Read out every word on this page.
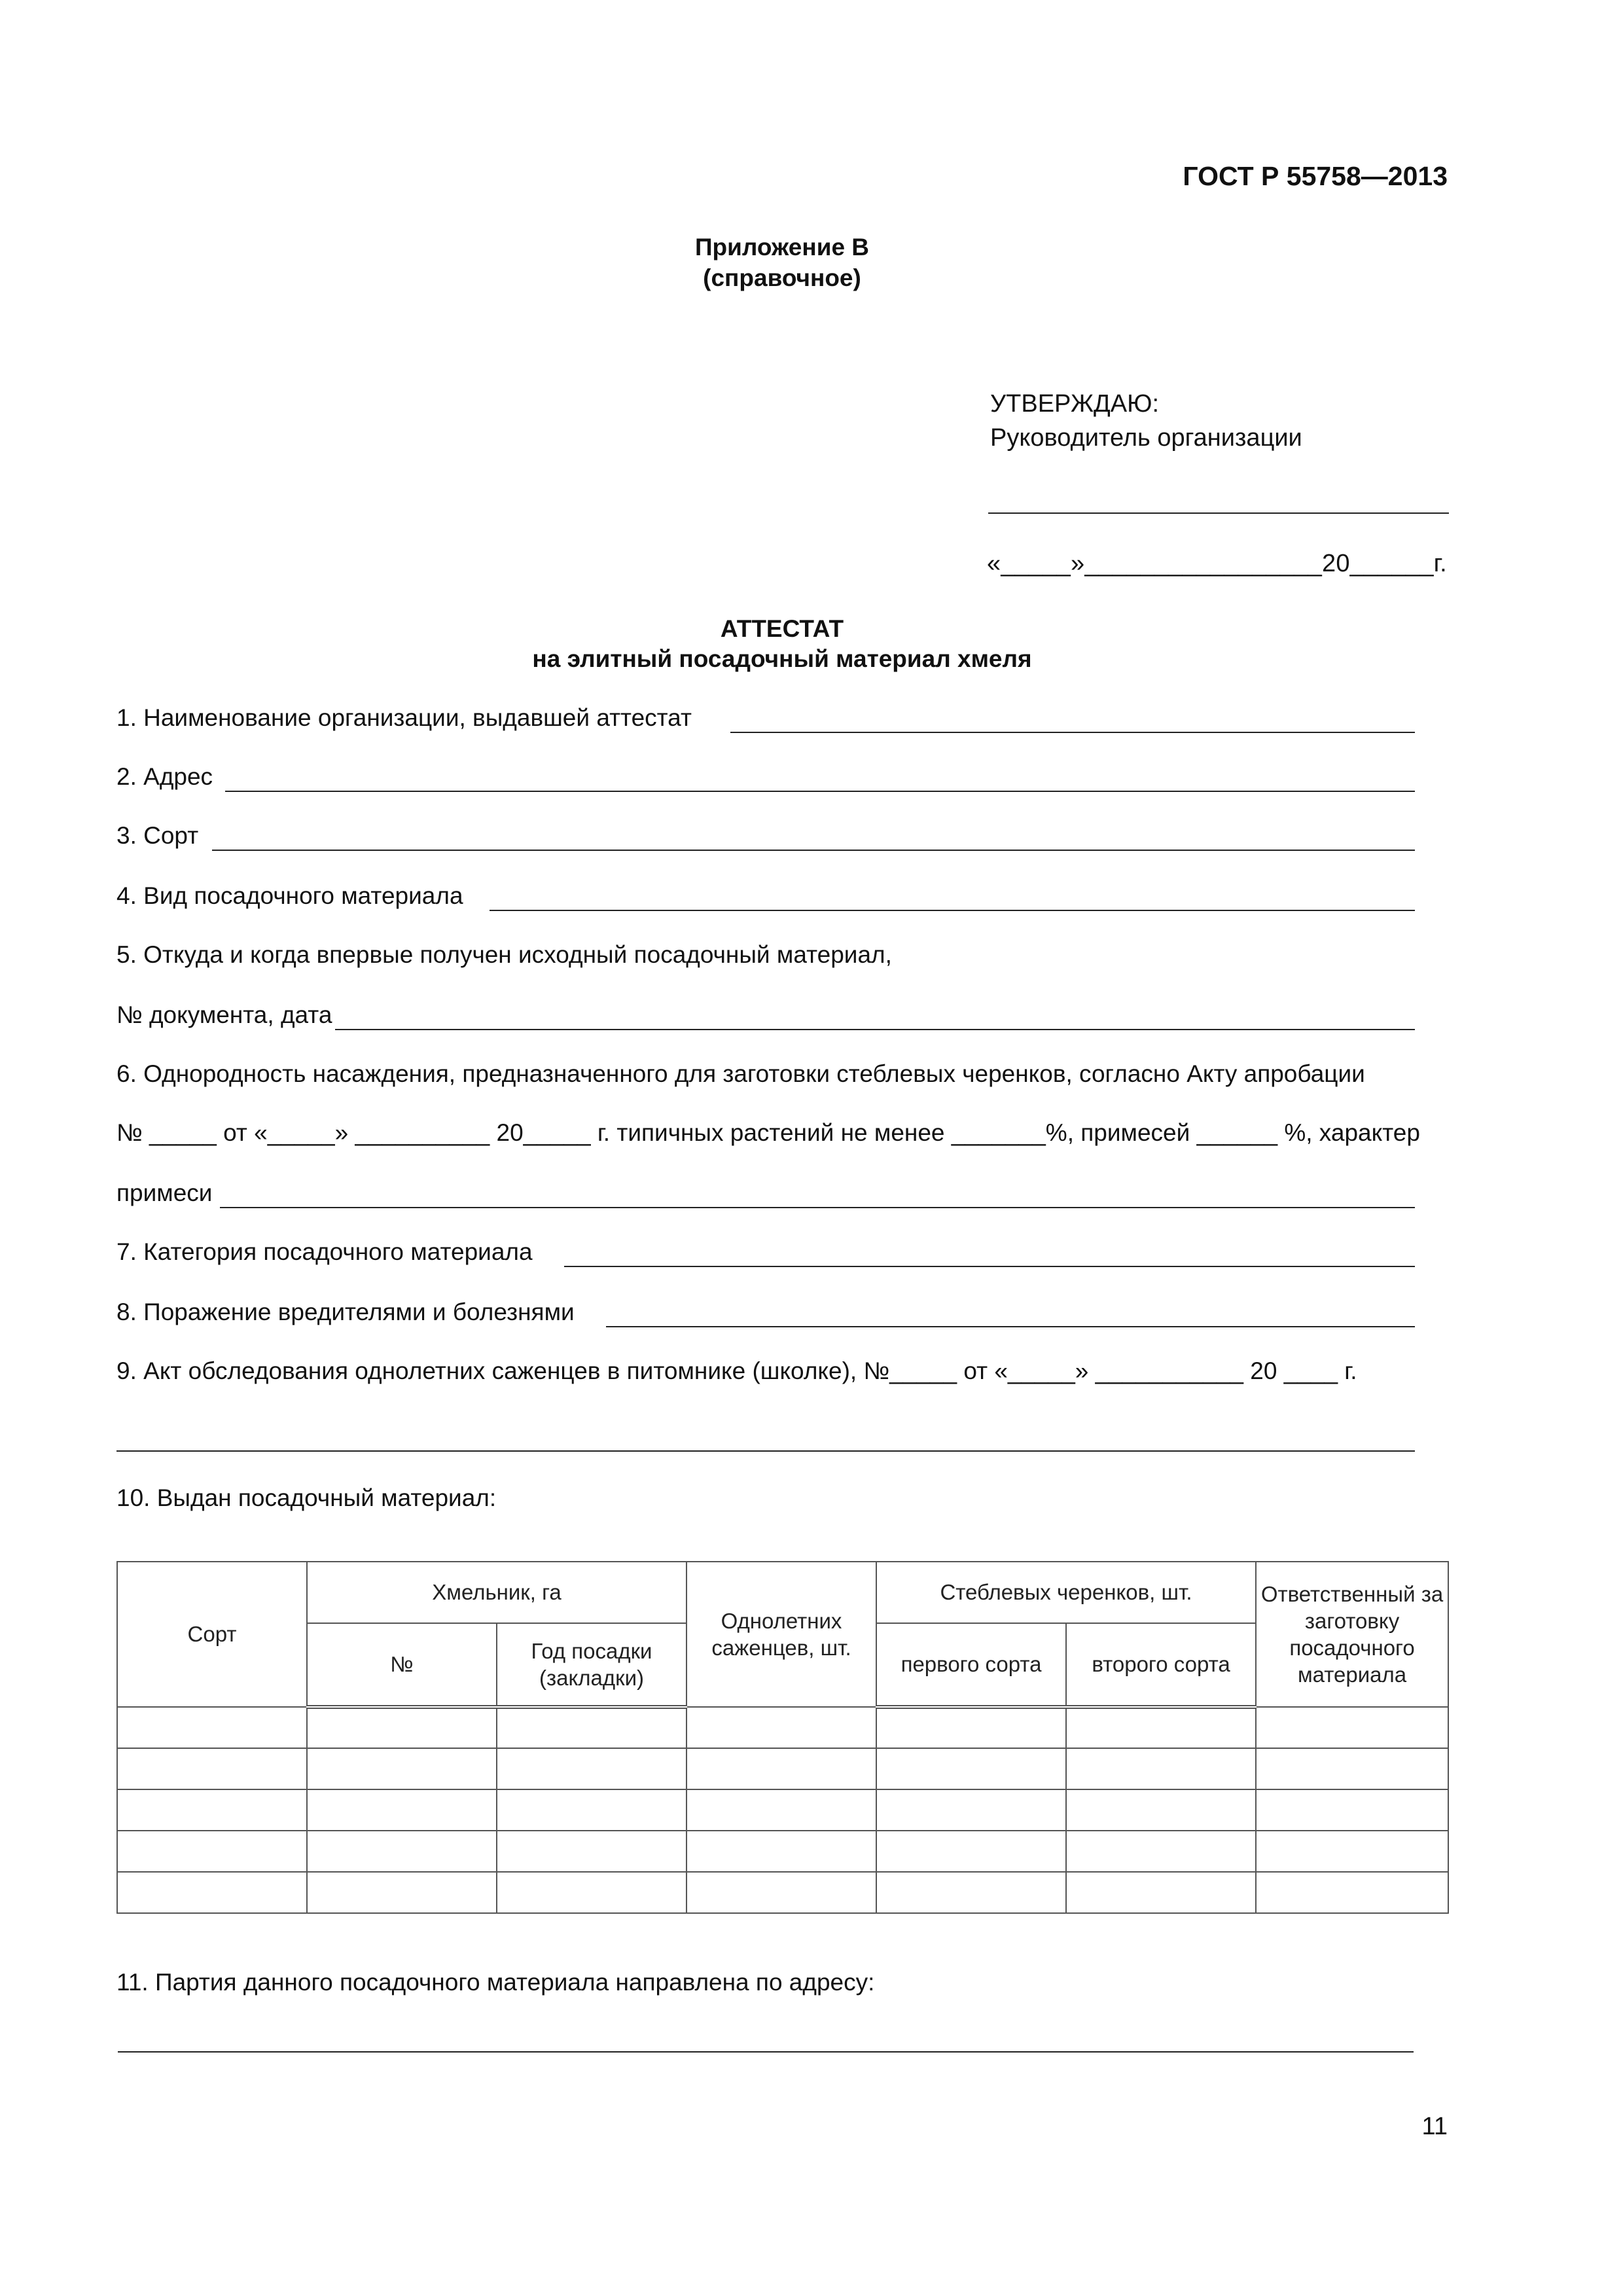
ГОСТ Р 55758—2013
Приложение В
(справочное)
УТВЕРЖДАЮ:
Руководитель организации
«_____»_________________20______г.
АТТЕСТАТ
на элитный посадочный материал хмеля
1. Наименование организации, выдавшей аттестат
2. Адрес
3. Сорт
4. Вид посадочного материала
5. Откуда и когда впервые получен исходный посадочный материал,
№ документа, дата
6. Однородность насаждения, предназначенного для заготовки стеблевых черенков, согласно Акту апробации
№ _____ от «_____» __________ 20_____ г. типичных растений не менее _______%, примесей ______ %, характер
примеси
7. Категория посадочного материала
8. Поражение вредителями и болезнями
9. Акт обследования однолетних саженцев в питомнике (школке), №_____ от «_____» ___________ 20 ____ г.
10. Выдан посадочный материал:
Сорт	Хмельник, га		Однолетних саженцев, шт.	Стеблевых черенков, шт.		Ответственный за заготовку посадочного материала
	№	Год посадки (закладки)		первого сорта	второго сорта	

11. Партия данного посадочного материала направлена по адресу:
11
